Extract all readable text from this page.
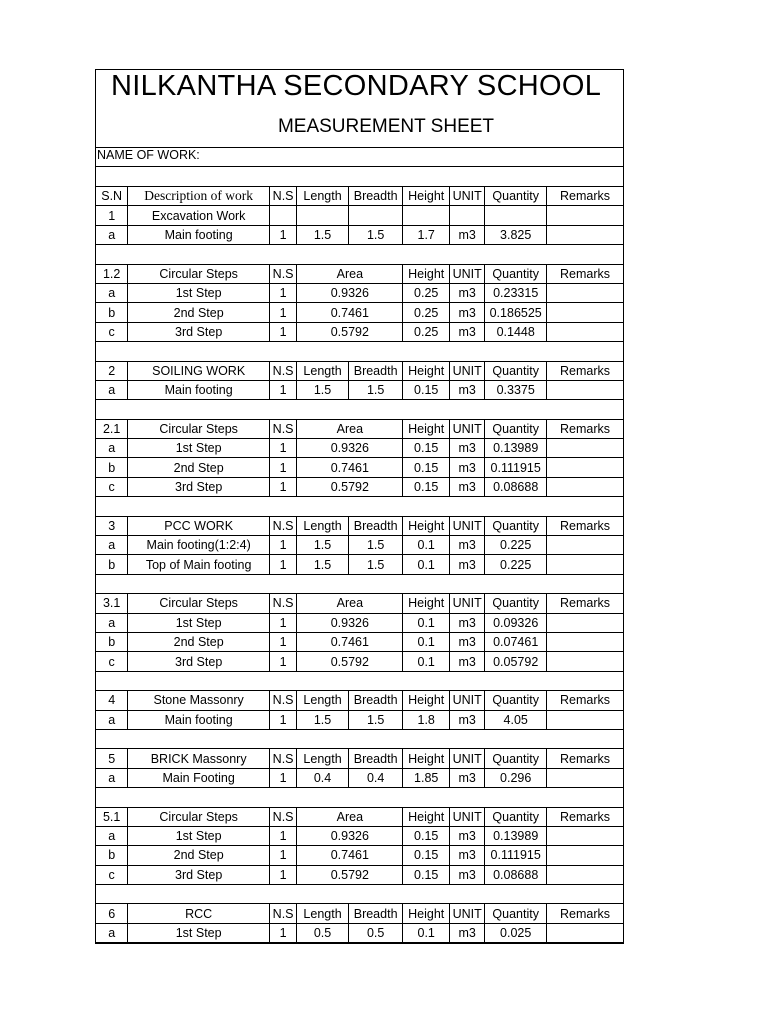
NILKANTHA SECONDARY SCHOOL
MEASUREMENT SHEET
NAME OF WORK:
S.N	Description of work	N.S	Length	Breadth	Height	UNIT	Quantity	Remarks
1	Excavation Work							
a	Main footing	1	1.5	1.5	1.7	m3	3.825	

1.2	Circular Steps	N.S	Area		Height	UNIT	Quantity	Remarks
a	1st Step	1	0.9326		0.25	m3	0.23315	
b	2nd Step	1	0.7461		0.25	m3	0.186525	
c	3rd Step	1	0.5792		0.25	m3	0.1448	

2	SOILING WORK	N.S	Length	Breadth	Height	UNIT	Quantity	Remarks
a	Main footing	1	1.5	1.5	0.15	m3	0.3375	

2.1	Circular Steps	N.S	Area		Height	UNIT	Quantity	Remarks
a	1st Step	1	0.9326		0.15	m3	0.13989	
b	2nd Step	1	0.7461		0.15	m3	0.111915	
c	3rd Step	1	0.5792		0.15	m3	0.08688	

3	PCC WORK	N.S	Length	Breadth	Height	UNIT	Quantity	Remarks
a	Main footing(1:2:4)	1	1.5	1.5	0.1	m3	0.225	
b	Top of Main footing	1	1.5	1.5	0.1	m3	0.225	

3.1	Circular Steps	N.S	Area		Height	UNIT	Quantity	Remarks
a	1st Step	1	0.9326		0.1	m3	0.09326	
b	2nd Step	1	0.7461		0.1	m3	0.07461	
c	3rd Step	1	0.5792		0.1	m3	0.05792	

4	Stone Massonry	N.S	Length	Breadth	Height	UNIT	Quantity	Remarks
a	Main footing	1	1.5	1.5	1.8	m3	4.05	

5	BRICK Massonry	N.S	Length	Breadth	Height	UNIT	Quantity	Remarks
a	Main Footing	1	0.4	0.4	1.85	m3	0.296	

5.1	Circular Steps	N.S	Area		Height	UNIT	Quantity	Remarks
a	1st Step	1	0.9326		0.15	m3	0.13989	
b	2nd Step	1	0.7461		0.15	m3	0.111915	
c	3rd Step	1	0.5792		0.15	m3	0.08688	

6	RCC	N.S	Length	Breadth	Height	UNIT	Quantity	Remarks
a	1st Step	1	0.5	0.5	0.1	m3	0.025	
